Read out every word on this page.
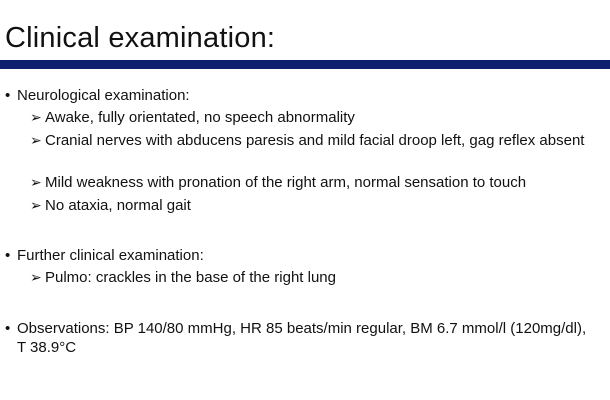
Clinical examination:
• Neurological examination:
➢ Awake, fully orientated, no speech abnormality
➢ Cranial nerves with abducens paresis and mild facial droop left, gag reflex absent
➢ Mild weakness with pronation of the right arm, normal sensation to touch
➢ No ataxia, normal gait
• Further clinical examination:
➢ Pulmo: crackles in the base of the right lung
• Observations: BP 140/80 mmHg, HR 85 beats/min regular, BM 6.7 mmol/l (120mg/dl), T 38.9°C
